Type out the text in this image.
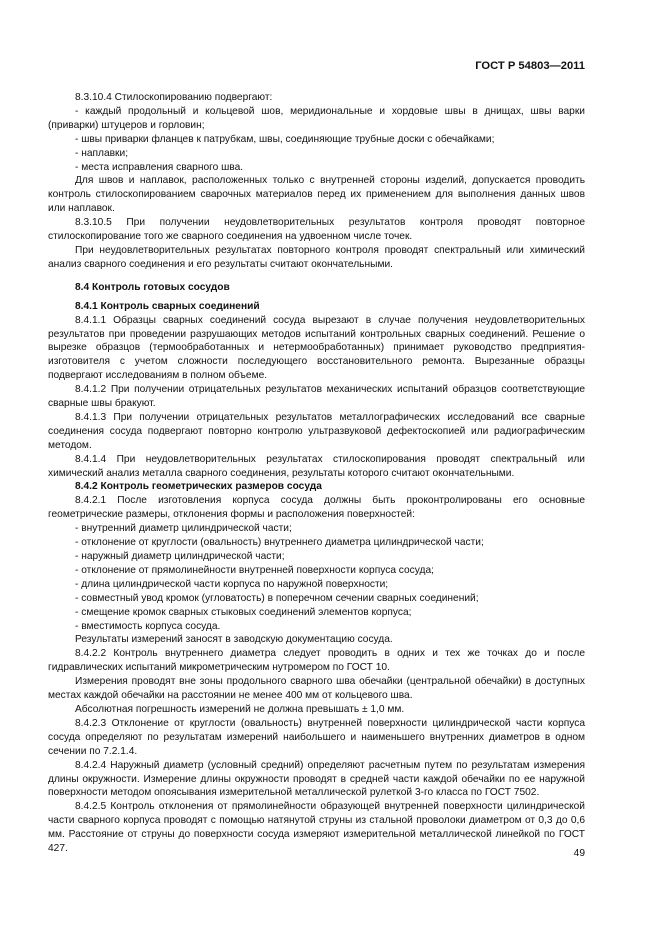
ГОСТ Р 54803—2011

8.3.10.4 Стилоскопированию подвергают:

- каждый продольный и кольцевой шов, меридиональные и хордовые швы в днищах, швы варки (приварки) штуцеров и горловин;

- швы приварки фланцев к патрубкам, швы, соединяющие трубные доски с обечайками;

- наплавки;

- места исправления сварного шва.

Для швов и наплавок, расположенных только с внутренней стороны изделий, допускается проводить контроль стилоскопированием сварочных материалов перед их применением для выполнения данных швов или наплавок.

8.3.10.5 При получении неудовлетворительных результатов контроля проводят повторное стилоскопирование того же сварного соединения на удвоенном числе точек.

При неудовлетворительных результатах повторного контроля проводят спектральный или химический анализ сварного соединения и его результаты считают окончательными.

8.4 Контроль готовых сосудов

8.4.1 Контроль сварных соединений

8.4.1.1 Образцы сварных соединений сосуда вырезают в случае получения неудовлетворительных результатов при проведении разрушающих методов испытаний контрольных сварных соединений. Решение о вырезке образцов (термообработанных и нетермообработанных) принимает руководство предприятия-изготовителя с учетом сложности последующего восстановительного ремонта. Вырезанные образцы подвергают исследованиям в полном объеме.

8.4.1.2 При получении отрицательных результатов механических испытаний образцов соответствующие сварные швы бракуют.

8.4.1.3 При получении отрицательных результатов металлографических исследований все сварные соединения сосуда подвергают повторно контролю ультразвуковой дефектоскопией или радиографическим методом.

8.4.1.4 При неудовлетворительных результатах стилоскопирования проводят спектральный или химический анализ металла сварного соединения, результаты которого считают окончательными.

8.4.2 Контроль геометрических размеров сосуда

8.4.2.1 После изготовления корпуса сосуда должны быть проконтролированы его основные геометрические размеры, отклонения формы и расположения поверхностей:

- внутренний диаметр цилиндрической части;

- отклонение от круглости (овальность) внутреннего диаметра цилиндрической части;

- наружный диаметр цилиндрической части;

- отклонение от прямолинейности внутренней поверхности корпуса сосуда;

- длина цилиндрической части корпуса по наружной поверхности;

- совместный увод кромок (угловатость) в поперечном сечении сварных соединений;

- смещение кромок сварных стыковых соединений элементов корпуса;

- вместимость корпуса сосуда.

Результаты измерений заносят в заводскую документацию сосуда.

8.4.2.2 Контроль внутреннего диаметра следует проводить в одних и тех же точках до и после гидравлических испытаний микрометрическим нутромером по ГОСТ 10.

Измерения проводят вне зоны продольного сварного шва обечайки (центральной обечайки) в доступных местах каждой обечайки на расстоянии не менее 400 мм от кольцевого шва.

Абсолютная погрешность измерений не должна превышать ± 1,0 мм.

8.4.2.3 Отклонение от круглости (овальность) внутренней поверхности цилиндрической части корпуса сосуда определяют по результатам измерений наибольшего и наименьшего внутренних диаметров в одном сечении по 7.2.1.4.

8.4.2.4 Наружный диаметр (условный средний) определяют расчетным путем по результатам измерения длины окружности. Измерение длины окружности проводят в средней части каждой обечайки по ее наружной поверхности методом опоясывания измерительной металлической рулеткой 3-го класса по ГОСТ 7502.

8.4.2.5 Контроль отклонения от прямолинейности образующей внутренней поверхности цилиндрической части сварного корпуса проводят с помощью натянутой струны из стальной проволоки диаметром от 0,3 до 0,6 мм. Расстояние от струны до поверхности сосуда измеряют измерительной металлической линейкой по ГОСТ 427.	49
